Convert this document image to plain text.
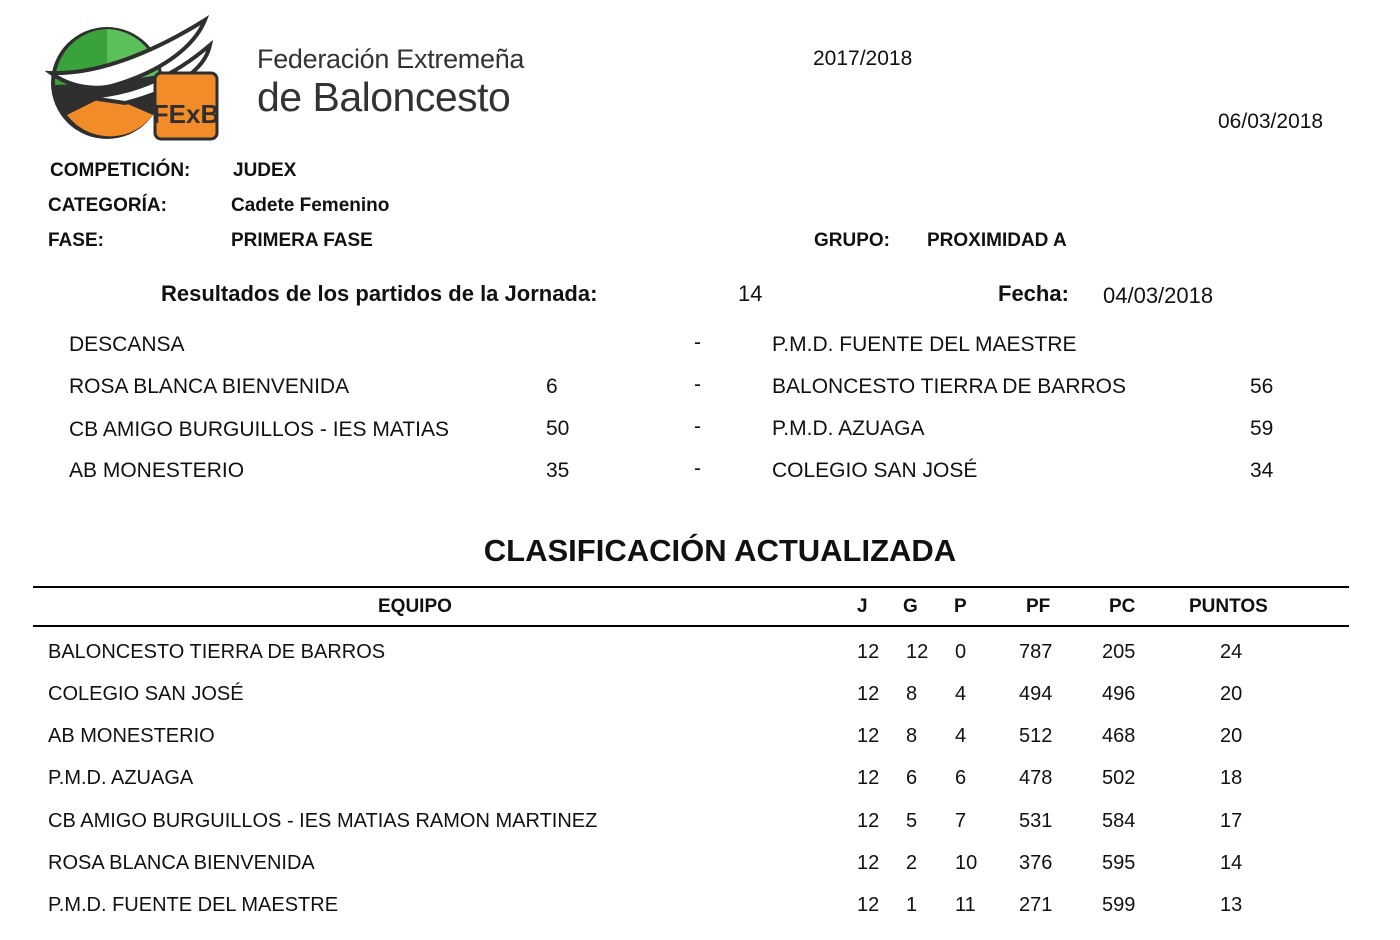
FExB
Federación Extremeña
de Baloncesto
2017/2018
06/03/2018
COMPETICIÓN: JUDEX
CATEGORÍA:	Cadete Femenino
FASE:	PRIMERA FASE	GRUPO: PROXIMIDAD A
Resultados de los partidos de la Jornada:	14	Fecha: 04/03/2018
DESCANSA	-	P.M.D. FUENTE DEL MAESTRE
ROSA BLANCA BIENVENIDA	6	-	BALONCESTO TIERRA DE BARROS	56
CB AMIGO BURGUILLOS - IES MATIAS	50	-	P.M.D. AZUAGA	59
AB MONESTERIO	35	-	COLEGIO SAN JOSÉ	34
CLASIFICACIÓN ACTUALIZADA
EQUIPO	J G P	PF	PC	PUNTOS
BALONCESTO TIERRA DE BARROS	12 12 0	787 205	24
COLEGIO SAN JOSÉ	12 8 4	494 496	20
AB MONESTERIO	12 8 4	512 468	20
P.M.D. AZUAGA	12 6 6	478 502	18
CB AMIGO BURGUILLOS - IES MATIAS RAMON MARTINEZ	12 5 7	531 584	17
ROSA BLANCA BIENVENIDA	12 2 10 376 595	14
P.M.D. FUENTE DEL MAESTRE	12 1 11 271 599	13
